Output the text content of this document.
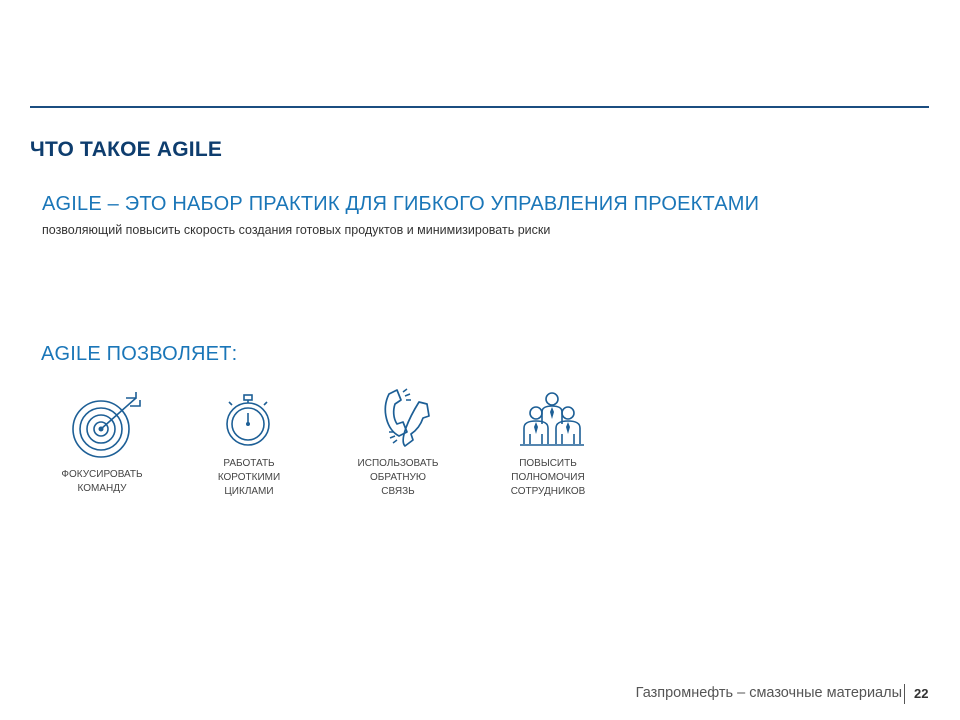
ЧТО ТАКОЕ AGILE
AGILE – ЭТО НАБОР ПРАКТИК ДЛЯ ГИБКОГО УПРАВЛЕНИЯ ПРОЕКТАМИ
позволяющий повысить скорость создания готовых продуктов и минимизировать риски
AGILE ПОЗВОЛЯЕТ:
ФОКУСИРОВАТЬ
КОМАНДУ
РАБОТАТЬ
КОРОТКИМИ
ЦИКЛАМИ
ИСПОЛЬЗОВАТЬ
ОБРАТНУЮ
СВЯЗЬ
ПОВЫСИТЬ
ПОЛНОМОЧИЯ
СОТРУДНИКОВ
Газпромнефть – смазочные материалы 22
